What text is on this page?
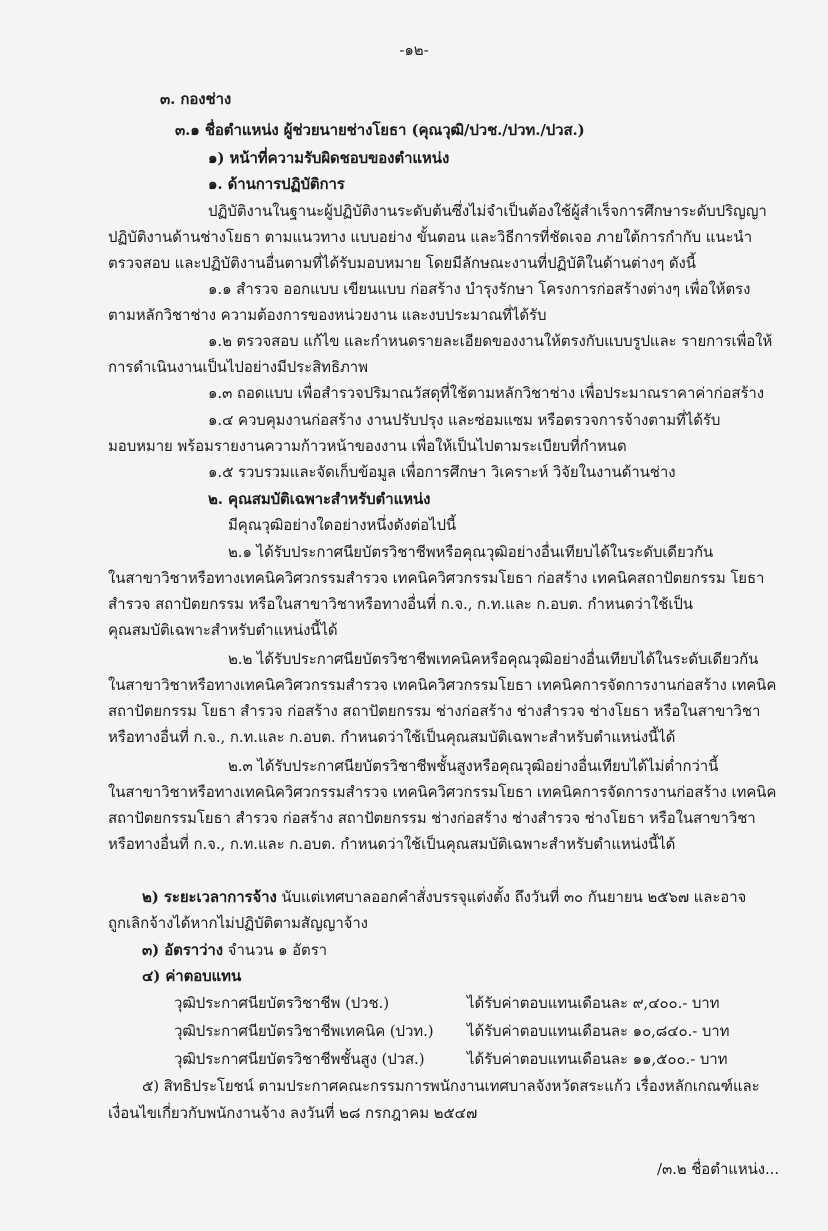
-๑๒-
๓. กองช่าง
๓.๑ ชื่อตำแหน่ง ผู้ช่วยนายช่างโยธา (คุณวุฒิ/ปวช./ปวท./ปวส.)
๑) หน้าที่ความรับผิดชอบของตำแหน่ง
๑. ด้านการปฏิบัติการ
ปฏิบัติงานในฐานะผู้ปฏิบัติงานระดับต้นซึ่งไม่จำเป็นต้องใช้ผู้สำเร็จการศึกษาระดับปริญญา
ปฏิบัติงานด้านช่างโยธา ตามแนวทาง แบบอย่าง ขั้นตอน และวิธีการที่ชัดเจอ ภายใต้การกำกับ แนะนำ
ตรวจสอบ และปฏิบัติงานอื่นตามที่ได้รับมอบหมาย โดยมีลักษณะงานที่ปฏิบัติในด้านต่างๆ ดังนี้
๑.๑ สำรวจ ออกแบบ เขียนแบบ ก่อสร้าง บำรุงรักษา โครงการก่อสร้างต่างๆ เพื่อให้ตรง
ตามหลักวิชาช่าง ความต้องการของหน่วยงาน และงบประมาณที่ได้รับ
๑.๒ ตรวจสอบ แก้ไข และกำหนดรายละเอียดของงานให้ตรงกับแบบรูปและ รายการเพื่อให้
การดำเนินงานเป็นไปอย่างมีประสิทธิภาพ
๑.๓ ถอดแบบ เพื่อสำรวจปริมาณวัสดุที่ใช้ตามหลักวิชาช่าง เพื่อประมาณราคาค่าก่อสร้าง
๑.๔ ควบคุมงานก่อสร้าง งานปรับปรุง และซ่อมแซม หรือตรวจการจ้างตามที่ได้รับ
มอบหมาย พร้อมรายงานความก้าวหน้าของงาน เพื่อให้เป็นไปตามระเบียบที่กำหนด
๑.๕ รวบรวมและจัดเก็บข้อมูล เพื่อการศึกษา วิเคราะห์ วิจัยในงานด้านช่าง
๒. คุณสมบัติเฉพาะสำหรับตำแหน่ง
มีคุณวุฒิอย่างใดอย่างหนึ่งดังต่อไปนี้
๒.๑ ได้รับประกาศนียบัตรวิชาชีพหรือคุณวุฒิอย่างอื่นเทียบได้ในระดับเดียวกัน
ในสาขาวิชาหรือทางเทคนิควิศวกรรมสำรวจ เทคนิควิศวกรรมโยธา ก่อสร้าง เทคนิคสถาปัตยกรรม โยธา
สำรวจ สถาปัตยกรรม หรือในสาขาวิชาหรือทางอื่นที่ ก.จ., ก.ท.และ ก.อบต. กำหนดว่าใช้เป็น
คุณสมบัติเฉพาะสำหรับตำแหน่งนี้ได้
๒.๒ ได้รับประกาศนียบัตรวิชาชีพเทคนิคหรือคุณวุฒิอย่างอื่นเทียบได้ในระดับเดียวกัน
ในสาขาวิชาหรือทางเทคนิควิศวกรรมสำรวจ เทคนิควิศวกรรมโยธา เทคนิคการจัดการงานก่อสร้าง เทคนิค
สถาปัตยกรรม โยธา สำรวจ ก่อสร้าง สถาปัตยกรรม ช่างก่อสร้าง ช่างสำรวจ ช่างโยธา หรือในสาขาวิชา
หรือทางอื่นที่ ก.จ., ก.ท.และ ก.อบต. กำหนดว่าใช้เป็นคุณสมบัติเฉพาะสำหรับตำแหน่งนี้ได้
๒.๓ ได้รับประกาศนียบัตรวิชาชีพชั้นสูงหรือคุณวุฒิอย่างอื่นเทียบได้ไม่ต่ำกว่านี้
ในสาขาวิชาหรือทางเทคนิควิศวกรรมสำรวจ เทคนิควิศวกรรมโยธา เทคนิคการจัดการงานก่อสร้าง เทคนิค
สถาปัตยกรรมโยธา สำรวจ ก่อสร้าง สถาปัตยกรรม ช่างก่อสร้าง ช่างสำรวจ ช่างโยธา หรือในสาขาวิชา
หรือทางอื่นที่ ก.จ., ก.ท.และ ก.อบต. กำหนดว่าใช้เป็นคุณสมบัติเฉพาะสำหรับตำแหน่งนี้ได้
๒) ระยะเวลาการจ้าง นับแต่เทศบาลออกคำสั่งบรรจุแต่งตั้ง ถึงวันที่ ๓๐ กันยายน ๒๕๖๗ และอาจ
ถูกเลิกจ้างได้หากไม่ปฏิบัติตามสัญญาจ้าง
๓) อัตราว่าง จำนวน ๑ อัตรา
๔) ค่าตอบแทน
วุฒิประกาศนียบัตรวิชาชีพ (ปวช.)	ได้รับค่าตอบแทนเดือนละ ๙,๔๐๐.- บาท
วุฒิประกาศนียบัตรวิชาชีพเทคนิค (ปวท.) ได้รับค่าตอบแทนเดือนละ ๑๐,๘๔๐.- บาท
วุฒิประกาศนียบัตรวิชาชีพชั้นสูง (ปวส.)	ได้รับค่าตอบแทนเดือนละ ๑๑,๕๐๐.- บาท
๕) สิทธิประโยชน์ ตามประกาศคณะกรรมการพนักงานเทศบาลจังหวัดสระแก้ว เรื่องหลักเกณฑ์และ
เงื่อนไขเกี่ยวกับพนักงานจ้าง ลงวันที่ ๒๘ กรกฎาคม ๒๕๔๗
/๓.๒ ชื่อตำแหน่ง...
